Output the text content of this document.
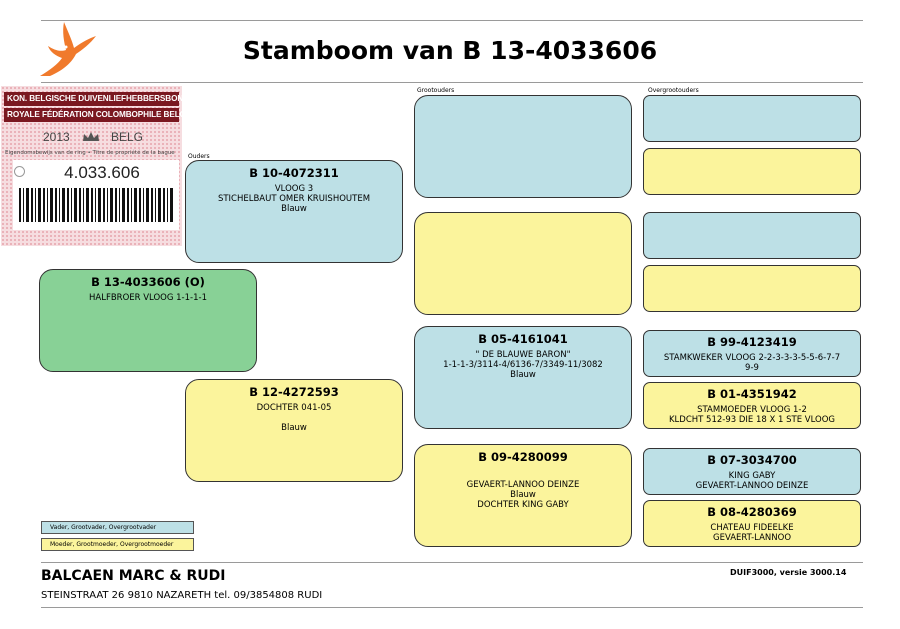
Stamboom van B 13-4033606
Ouders
Grootouders	Overgrootouders
KON. BELGISCHE DUIVENLIEFHEBBERSBOND
ROYALE FÉDÉRATION COLOMBOPHILE BELGE
2013	BELG
Eigendomsbewijs van de ring • Titre de propriété de la bague
4.033.606
B 13-4033606 (O)
HALFBROER VLOOG 1-1-1-1
B 10-4072311
VLOOG 3
STICHELBAUT OMER KRUISHOUTEM
Blauw
B 12-4272593
DOCHTER 041-05
Blauw
B 05-4161041
" DE BLAUWE BARON"
1-1-1-3/3114-4/6136-7/3349-11/3082
Blauw
B 09-4280099
GEVAERT-LANNOO DEINZE
Blauw
DOCHTER KING GABY
B 99-4123419
STAMKWEKER VLOOG 2-2-3-3-3-5-5-6-7-7
9-9
B 01-4351942
STAMMOEDER VLOOG 1-2
KLDCHT 512-93 DIE 18 X 1 STE VLOOG
B 07-3034700
KING GABY
GEVAERT-LANNOO DEINZE
B 08-4280369
CHATEAU FIDEELKE
GEVAERT-LANNOO
Vader, Grootvader, Overgrootvader
Moeder, Grootmoeder, Overgrootmoeder
BALCAEN MARC & RUDI	DUIF3000, versie 3000.14
STEINSTRAAT 26 9810 NAZARETH tel. 09/3854808 RUDI
